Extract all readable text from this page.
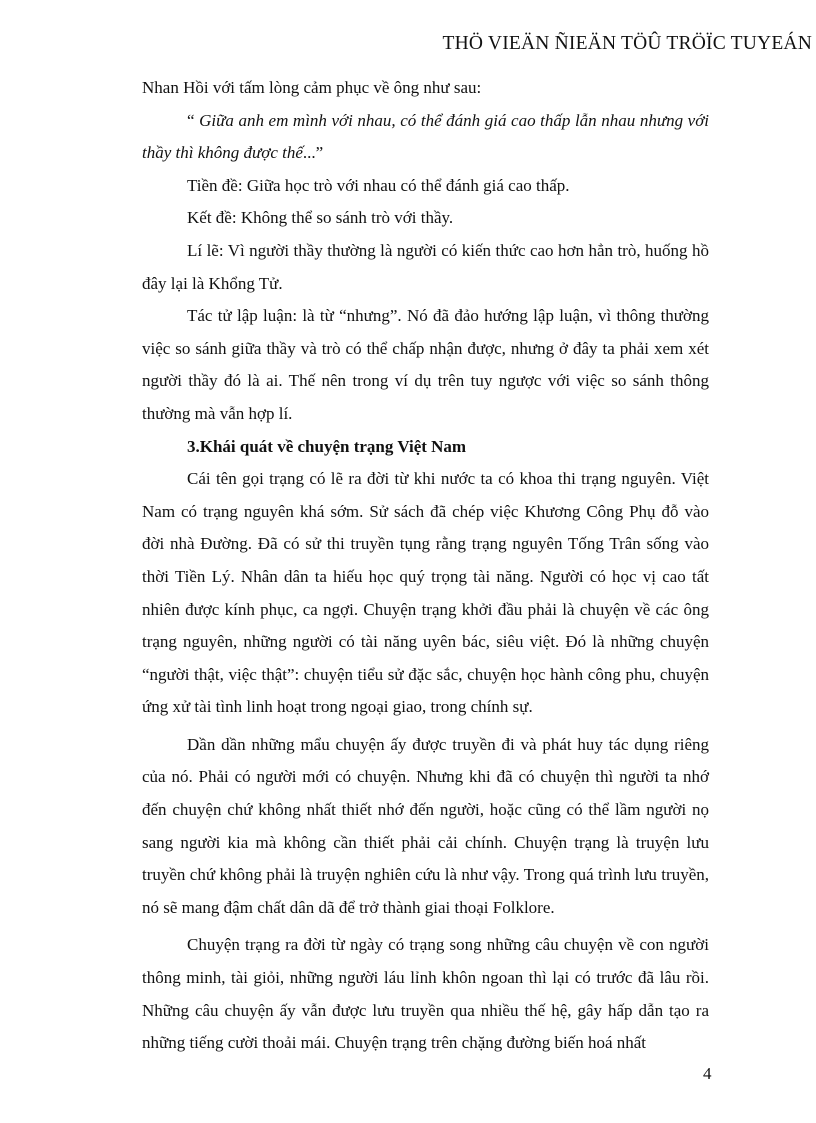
THÖ VIEÄN ÑIEÄN TÖÛ TRÖÏC TUYEÁN

Nhan Hồi với tấm lòng cảm phục về ông như sau:

“ Giữa anh em mình với nhau, có thể đánh giá cao thấp lẫn nhau nhưng với thầy thì không được thế...”

Tiền đề: Giữa học trò với nhau có thể đánh giá cao thấp.

Kết đề: Không thể so sánh trò với thầy.

Lí lẽ: Vì người thầy thường là người có kiến thức cao hơn hẳn trò, huống hồ đây lại là Khổng Tử.

Tác tử lập luận: là từ “nhưng”. Nó đã đảo hướng lập luận, vì thông thường việc so sánh giữa thầy và trò có thể chấp nhận được, nhưng ở đây ta phải xem xét người thầy đó là ai. Thế nên trong ví dụ trên tuy ngược với việc so sánh thông thường mà vẫn hợp lí.

3.Khái quát về chuyện trạng Việt Nam

Cái tên gọi trạng có lẽ ra đời từ khi nước ta có khoa thi trạng nguyên. Việt Nam có trạng nguyên khá sớm. Sử sách đã chép việc Khương Công Phụ đỗ vào đời nhà Đường. Đã có sử thi truyền tụng rằng trạng nguyên Tống Trân sống vào thời Tiền Lý. Nhân dân ta hiếu học quý trọng tài năng. Người có học vị cao tất nhiên được kính phục, ca ngợi. Chuyện trạng khởi đầu phải là chuyện về các ông trạng nguyên, những người có tài năng uyên bác, siêu việt. Đó là những chuyện “người thật, việc thật”: chuyện tiểu sử đặc sắc, chuyện học hành công phu, chuyện ứng xử tài tình linh hoạt trong ngoại giao, trong chính sự.

Dần dần những mẩu chuyện ấy được truyền đi và phát huy tác dụng riêng của nó. Phải có người mới có chuyện. Nhưng khi đã có chuyện thì người ta nhớ đến chuyện chứ không nhất thiết nhớ đến người, hoặc cũng có thể lầm người nọ sang người kia mà không cần thiết phải cải chính. Chuyện trạng là truyện lưu truyền chứ không phải là truyện nghiên cứu là như vậy. Trong quá trình lưu truyền, nó sẽ mang đậm chất dân dã để trở thành giai thoại Folklore.

Chuyện trạng ra đời từ ngày có trạng song những câu chuyện về con người thông minh, tài giỏi, những người láu lỉnh khôn ngoan thì lại có trước đã lâu rồi. Những câu chuyện ấy vẫn được lưu truyền qua nhiều thế hệ, gây hấp dẫn tạo ra những tiếng cười thoải mái. Chuyện trạng trên chặng đường biến hoá nhất

4
